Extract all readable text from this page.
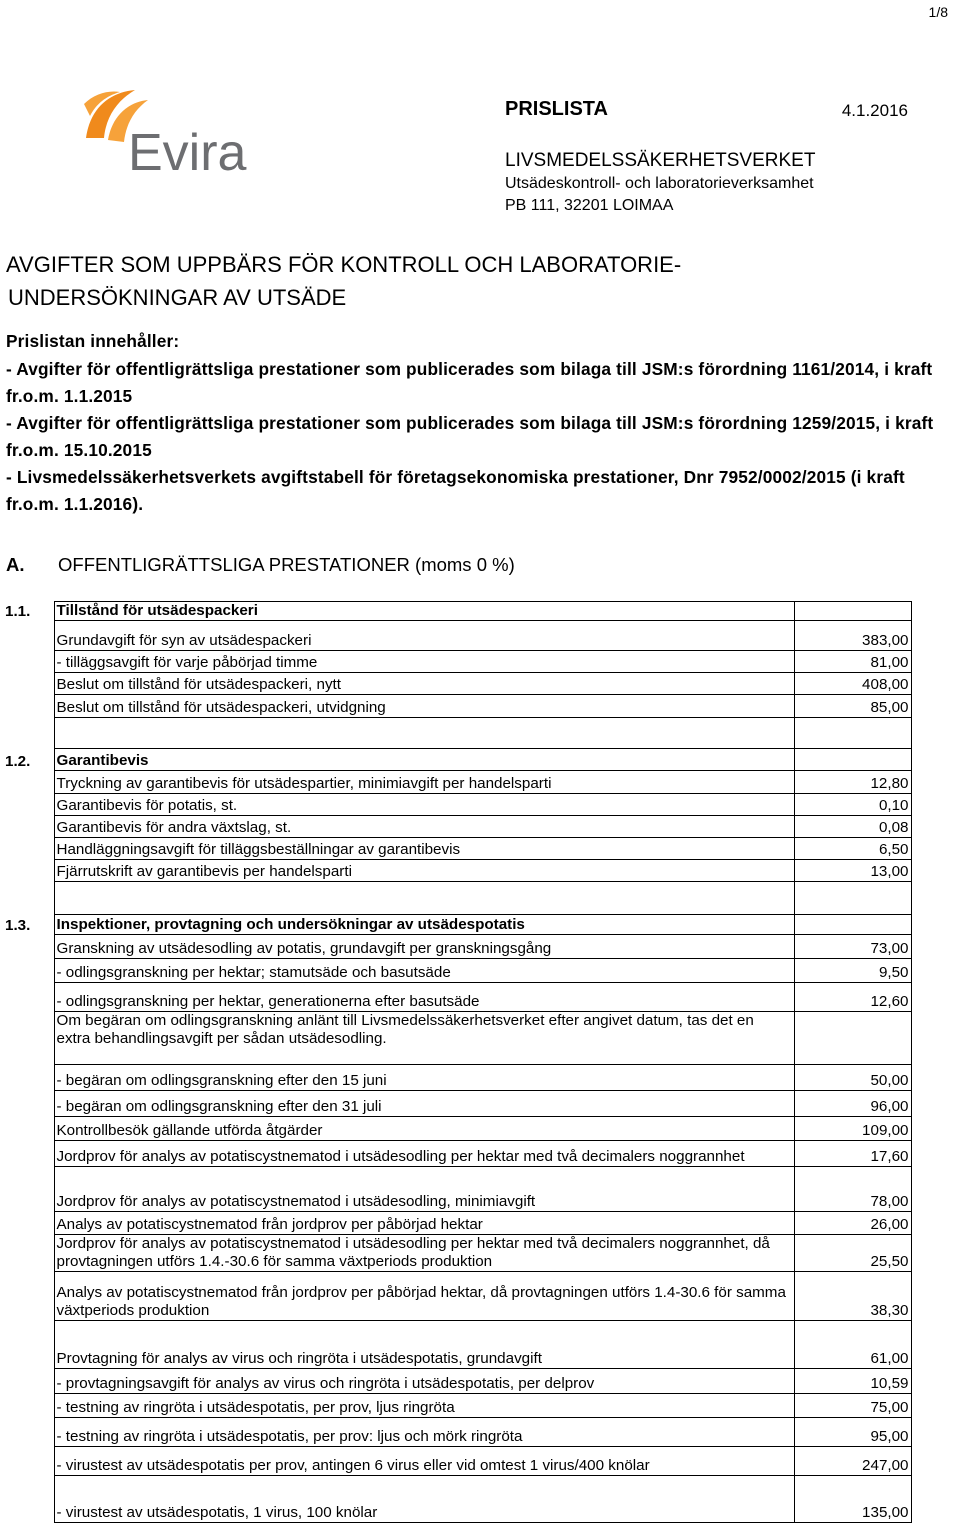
1/8
Evira
PRISLISTA	4.1.2016
LIVSMEDELSSÄKERHETSVERKET
Utsädeskontroll- och laboratorieverksamhet
PB 111, 32201 LOIMAA
AVGIFTER SOM UPPBÄRS FÖR KONTROLL OCH LABORATORIE-
UNDERSÖKNINGAR AV UTSÄDE

Prislistan innehåller:

- Avgifter för offentligrättsliga prestationer som publicerades som bilaga till JSM:s förordning 1161/2014, i kraft fr.o.m. 1.1.2015

- Avgifter för offentligrättsliga prestationer som publicerades som bilaga till JSM:s förordning 1259/2015, i kraft fr.o.m. 15.10.2015

- Livsmedelssäkerhetsverkets avgiftstabell för företagsekonomiska prestationer, Dnr 7952/0002/2015 (i kraft fr.o.m. 1.1.2016).

A. OFFENTLIGRÄTTSLIGA PRESTATIONER (moms 0 %)
1.1.	Tillstånd för utsädespackeri	
	Grundavgift för syn av utsädespackeri	383,00
	- tilläggsavgift för varje påbörjad timme	81,00
	Beslut om tillstånd för utsädespackeri, nytt	408,00
	Beslut om tillstånd för utsädespackeri, utvidgning	85,00

1.2.	Garantibevis	
	Tryckning av garantibevis för utsädespartier, minimiavgift per handelsparti	12,80
	Garantibevis för potatis, st.	0,10
	Garantibevis för andra växtslag, st.	0,08
	Handläggningsavgift för tilläggsbeställningar av garantibevis	6,50
	Fjärrutskrift av garantibevis per handelsparti	13,00

1.3.	Inspektioner, provtagning och undersökningar av utsädespotatis	
	Granskning av utsädesodling av potatis, grundavgift per granskningsgång	73,00
	- odlingsgranskning per hektar; stamutsäde och basutsäde	9,50
	- odlingsgranskning per hektar, generationerna efter basutsäde	12,60
	Om begäran om odlingsgranskning anlänt till Livsmedelssäkerhetsverket efter angivet datum, tas det en extra behandlingsavgift per sådan utsädesodling.	
	- begäran om odlingsgranskning efter den 15 juni	50,00
	- begäran om odlingsgranskning efter den 31 juli	96,00
	Kontrollbesök gällande utförda åtgärder	109,00
	Jordprov för analys av potatiscystnematod i utsädesodling per hektar med två decimalers noggrannhet	17,60
	Jordprov för analys av potatiscystnematod i utsädesodling, minimiavgift	78,00
	Analys av potatiscystnematod från jordprov per påbörjad hektar	26,00
	Jordprov för analys av potatiscystnematod i utsädesodling per hektar med två decimalers noggrannhet, då provtagningen utförs 1.4.-30.6 för samma växtperiods produktion	25,50
	Analys av potatiscystnematod från jordprov per påbörjad hektar, då provtagningen utförs 1.4-30.6 för samma växtperiods produktion	38,30
	Provtagning för analys av virus och ringröta i utsädespotatis, grundavgift	61,00
	- provtagningsavgift för analys av virus och ringröta i utsädespotatis, per delprov	10,59
	- testning av ringröta i utsädespotatis, per prov, ljus ringröta	75,00
	- testning av ringröta i utsädespotatis, per prov: ljus och mörk ringröta	95,00
	- virustest av utsädespotatis per prov, antingen 6 virus eller vid omtest 1 virus/400 knölar	247,00
	- virustest av utsädespotatis, 1 virus, 100 knölar	135,00
